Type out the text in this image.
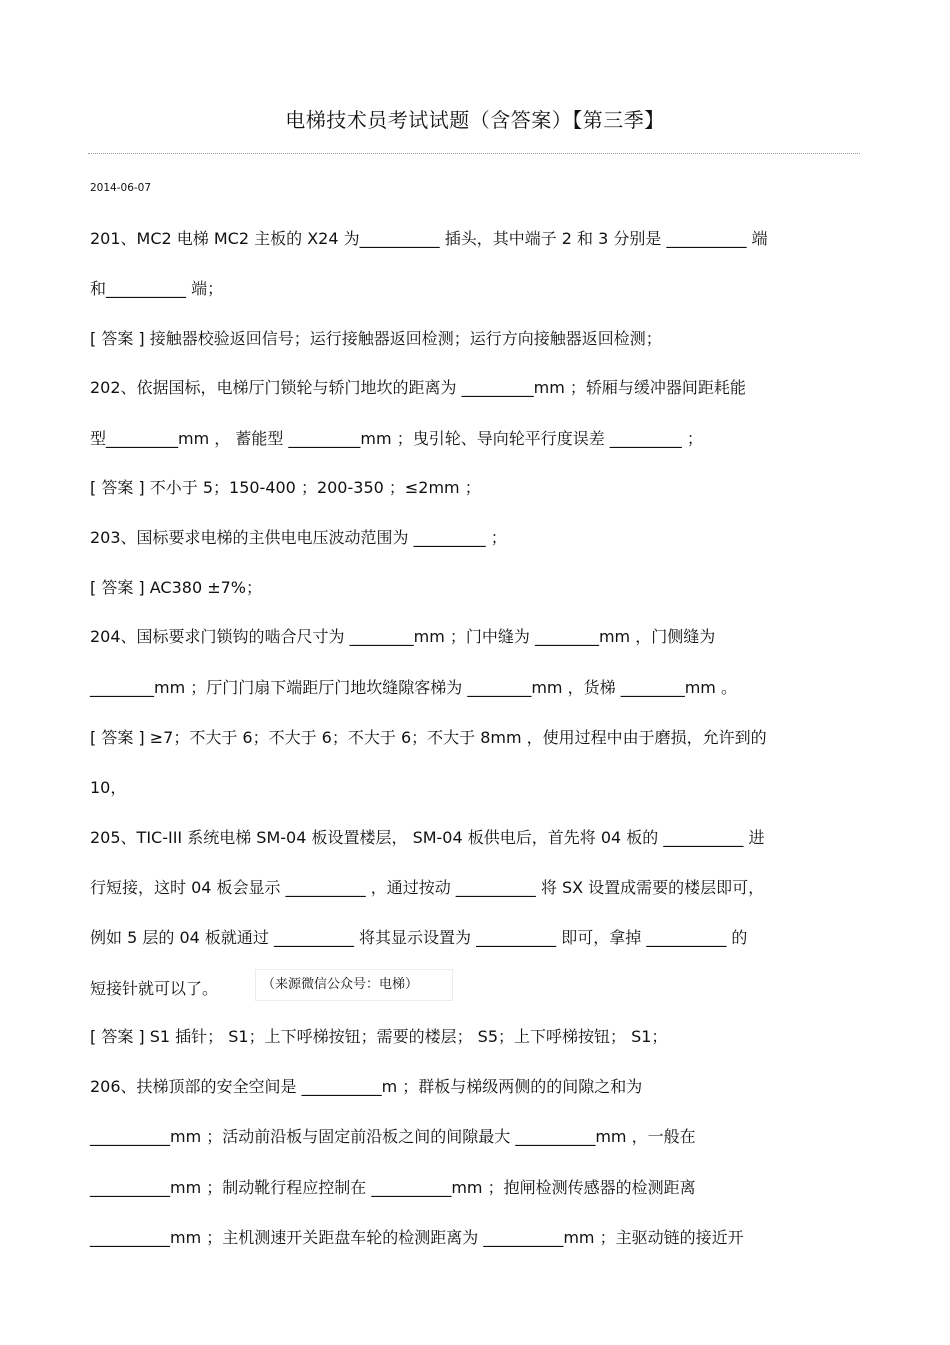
电梯技术员考试试题（含答案）【第三季】
2014-06-07
201、MC2 电梯 MC2 主板的 X24 为__________ 插头，其中端子 2 和 3 分别是 __________ 端
和__________ 端；
[ 答案 ] 接触器校验返回信号；运行接触器返回检测；运行方向接触器返回检测；
202、依据国标，电梯厅门锁轮与轿门地坎的距离为 _________mm ；轿厢与缓冲器间距耗能
型_________mm ， 蓄能型 _________mm ；曳引轮、导向轮平行度误差 _________ ；
[ 答案 ] 不小于 5；150-400 ；200-350 ；≤2mm ；
203、国标要求电梯的主供电电压波动范围为 _________ ；
[ 答案 ] AC380 ±7%；
204、国标要求门锁钩的啮合尺寸为 ________mm ；门中缝为 ________mm ，门侧缝为
________mm ；厅门门扇下端距厅门地坎缝隙客梯为 ________mm ，货梯 ________mm 。
[ 答案 ] ≥7；不大于 6；不大于 6；不大于 6；不大于 8mm ，使用过程中由于磨损，允许到的
10，
205、TIC-III 系统电梯 SM-04 板设置楼层， SM-04 板供电后，首先将 04 板的 __________ 进
行短接，这时 04 板会显示 __________ ，通过按动 __________ 将 SX 设置成需要的楼层即可，
例如 5 层的 04 板就通过 __________ 将其显示设置为 __________ 即可，拿掉 __________ 的
短接针就可以了。	（来源微信公众号：电梯）
[ 答案 ] S1 插针； S1；上下呼梯按钮；需要的楼层； S5；上下呼梯按钮； S1；
206、扶梯顶部的安全空间是 __________m ；群板与梯级两侧的的间隙之和为
__________mm ；活动前沿板与固定前沿板之间的间隙最大 __________mm ，一般在
__________mm ；制动靴行程应控制在 __________mm ；抱闸检测传感器的检测距离
__________mm ；主机测速开关距盘车轮的检测距离为 __________mm ；主驱动链的接近开
